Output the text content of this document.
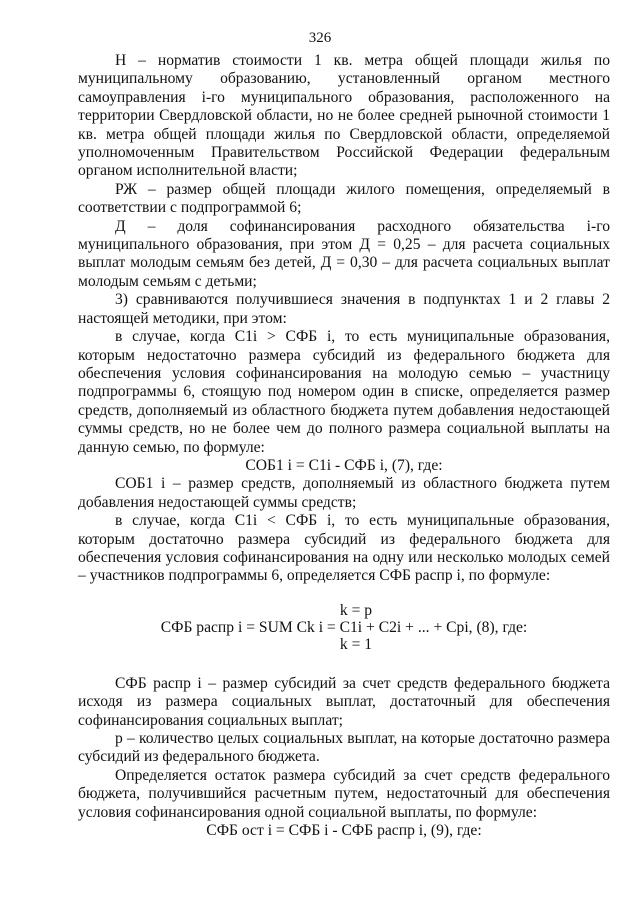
326

Н – норматив стоимости 1 кв. метра общей площади жилья по муниципальному образованию, установленный органом местного самоуправления i-го муниципального образования, расположенного на территории Свердловской области, но не более средней рыночной стоимости 1 кв. метра общей площади жилья по Свердловской области, определяемой уполномоченным Правительством Российской Федерации федеральным органом исполнительной власти;

РЖ – размер общей площади жилого помещения, определяемый в соответствии с подпрограммой 6;

Д – доля софинансирования расходного обязательства i-го муниципального образования, при этом Д = 0,25 – для расчета социальных выплат молодым семьям без детей, Д = 0,30 – для расчета социальных выплат молодым семьям с детьми;

3) сравниваются получившиеся значения в подпунктах 1 и 2 главы 2 настоящей методики, при этом:

в случае, когда С1i > СФБ i, то есть муниципальные образования, которым недостаточно размера субсидий из федерального бюджета для обеспечения условия софинансирования на молодую семью – участницу подпрограммы 6, стоящую под номером один в списке, определяется размер средств, дополняемый из областного бюджета путем добавления недостающей суммы средств, но не более чем до полного размера социальной выплаты на данную семью, по формуле:

СОБ1 i = С1i - СФБ i, (7), где:

СОБ1 i – размер средств, дополняемый из областного бюджета путем добавления недостающей суммы средств;

в случае, когда С1i < СФБ i, то есть муниципальные образования, которым достаточно размера субсидий из федерального бюджета для обеспечения условия софинансирования на одну или несколько молодых семей – участников подпрограммы 6, определяется СФБ распр i, по формуле:

k = p
СФБ распр i = SUM Ck i = C1i + C2i + ... + Cpi, (8), где:
k = 1

СФБ распр i – размер субсидий за счет средств федерального бюджета исходя из размера социальных выплат, достаточный для обеспечения софинансирования социальных выплат;

p – количество целых социальных выплат, на которые достаточно размера субсидий из федерального бюджета.

Определяется остаток размера субсидий за счет средств федерального бюджета, получившийся расчетным путем, недостаточный для обеспечения условия софинансирования одной социальной выплаты, по формуле:

СФБ ост i = СФБ i - СФБ распр i, (9), где:
